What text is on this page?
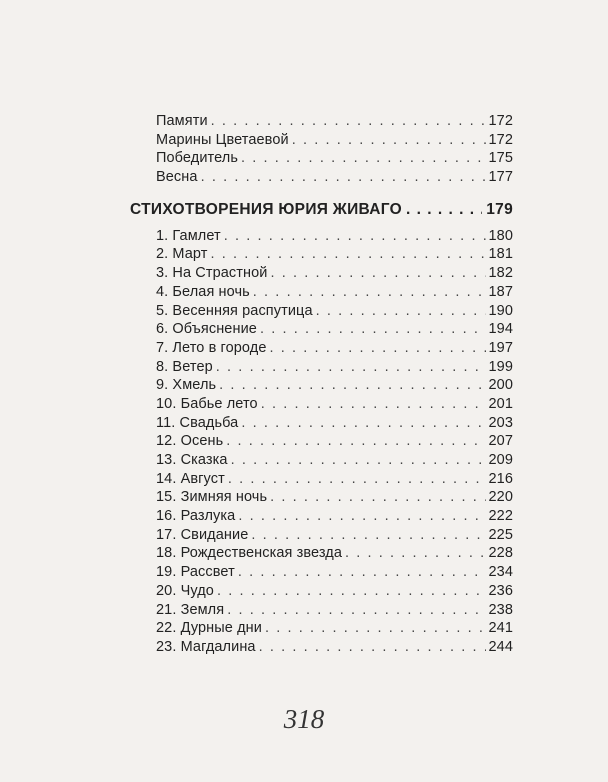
Памяти . . .	172
Марины Цветаевой . . .	172
Победитель . . .	175
Весна . . .	177
СТИХОТВОРЕНИЯ ЮРИЯ ЖИВАГО . . .	179
1. Гамлет . . .	180
2. Март . . .	181
3. На Страстной . . .	182
4. Белая ночь . . .	187
5. Весенняя распутица . . .	190
6. Объяснение . . .	194
7. Лето в городе . . .	197
8. Ветер . . .	199
9. Хмель . . .	200
10. Бабье лето . . .	201
11. Свадьба . . .	203
12. Осень . . .	207
13. Сказка . . .	209
14. Август . . .	216
15. Зимняя ночь . . .	220
16. Разлука . . .	222
17. Свидание . . .	225
18. Рождественская звезда . . .	228
19. Рассвет . . .	234
20. Чудо . . .	236
21. Земля . . .	238
22. Дурные дни . . .	241
23. Магдалина . . .	244
318
